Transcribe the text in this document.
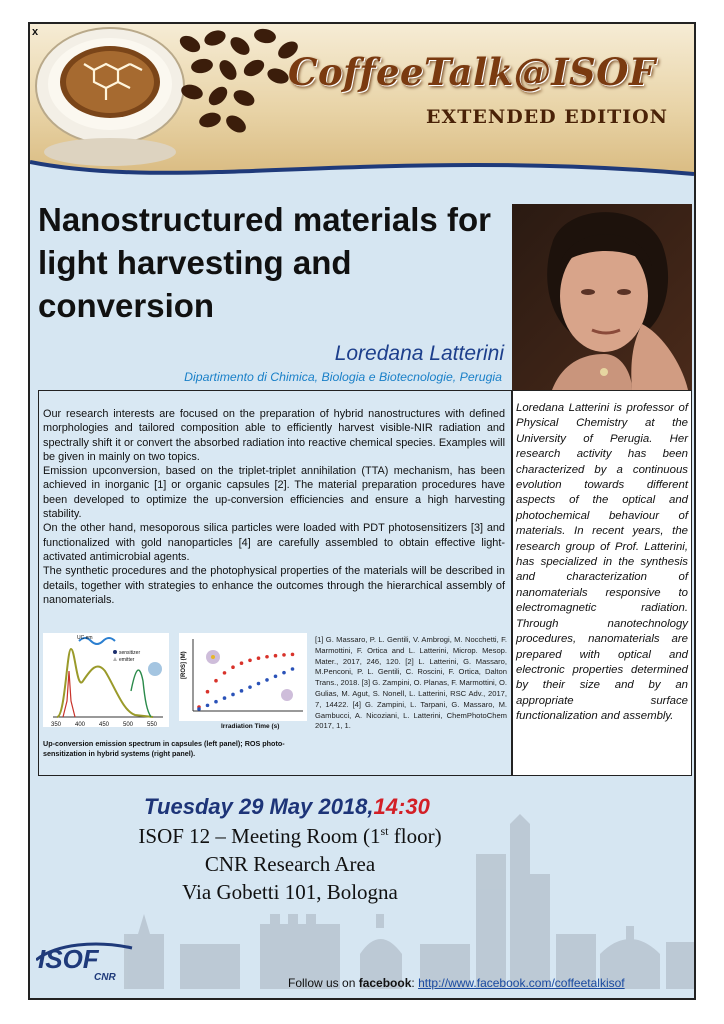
CoffeeTalk@ISOF
EXTENDED EDITION
x
Nanostructured materials for light harvesting and conversion
Loredana Latterini
Dipartimento di Chimica, Biologia e Biotecnologie, Perugia

Our research interests are focused on the preparation of hybrid nanostructures with defined morphologies and tailored composition able to efficiently harvest visible-NIR radiation and spectrally shift it or convert the absorbed radiation into reactive chemical species. Examples will be given in mainly on two topics.

Emission upconversion, based on the triplet-triplet annihilation (TTA) mechanism, has been achieved in inorganic [1] or organic capsules [2]. The material preparation procedures have been developed to optimize the up-conversion efficiencies and ensure a high harvesting stability.

On the other hand, mesoporous silica particles were loaded with PDT photosensitizers [3] and functionalized with gold nanoparticles [4] are carefully assembled to obtain effective light-activated antimicrobial agents.

The synthetic procedures and the photophysical properties of the materials will be described in details, together with strategies to enhance the outcomes through the hierarchical assembly of nanomaterials.

UC em
sensitizer
emitter
350 400 450 500 550
[ROS] (M)
Irradiation Time (s)
Up-conversion emission spectrum in capsules (left panel); ROS photo-sensitization in hybrid systems (right panel).
[1] G. Massaro, P. L. Gentili, V. Ambrogi, M. Nocchetti, F. Marmottini, F. Ortica and L. Latterini, Microp. Mesop. Mater., 2017, 246, 120. [2] L. Latterini, G. Massaro, M.Penconi, P. L. Gentili, C. Roscini, F. Ortica, Dalton Trans., 2018. [3] G. Zampini, O. Planas, F. Marmottini, O. Gulias, M. Agut, S. Nonell, L. Latterini, RSC Adv., 2017, 7, 14422. [4] G. Zampini, L. Tarpani, G. Massaro, M. Gambucci, A. Nicoziani, L. Latterini, ChemPhotoChem 2017, 1, 1.
Loredana Latterini is professor of Physical Chemistry at the University of Perugia. Her research activity has been characterized by a continuous evolution towards different aspects of the optical and photochemical behaviour of materials. In recent years, the research group of Prof. Latterini, has specialized in the synthesis and characterization of nanomaterials responsive to electromagnetic radiation. Through nanotechnology procedures, nanomaterials are prepared with optical and electronic properties determined by their size and by an appropriate surface functionalization and assembly.
Tuesday 29 May 2018,14:30
ISOF 12 – Meeting Room (1st floor)
CNR Research Area
Via Gobetti 101, Bologna
ISOF
CNR	Follow us on facebook: http://www.facebook.com/coffeetalkisof
